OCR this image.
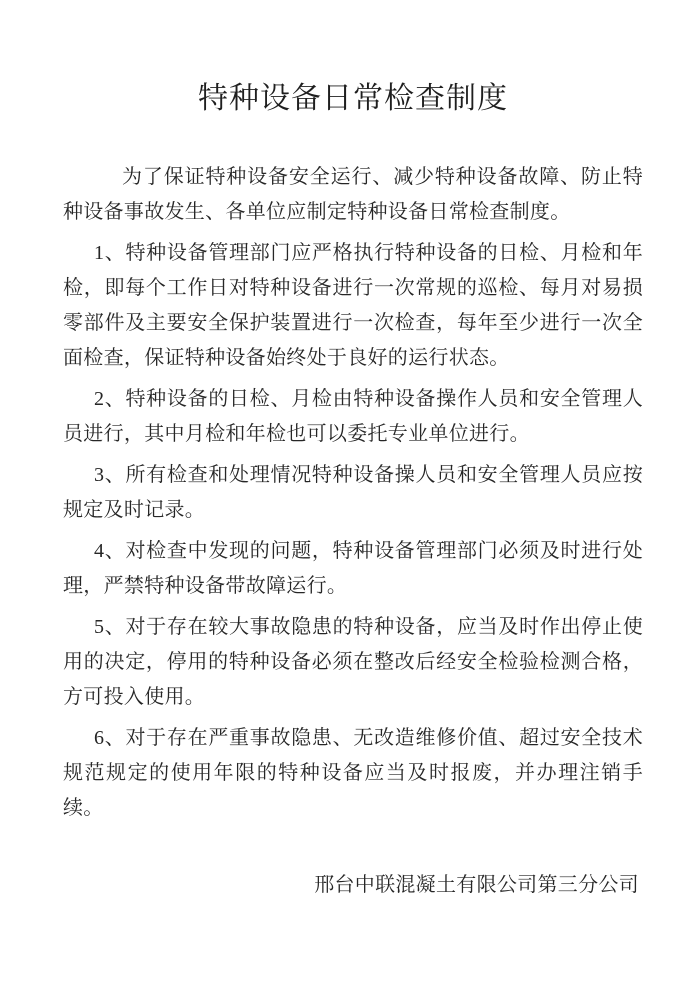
特种设备日常检查制度

为了保证特种设备安全运行、减少特种设备故障、防止特种设备事故发生、各单位应制定特种设备日常检查制度。

1、特种设备管理部门应严格执行特种设备的日检、月检和年检，即每个工作日对特种设备进行一次常规的巡检、每月对易损零部件及主要安全保护装置进行一次检查，每年至少进行一次全面检查，保证特种设备始终处于良好的运行状态。

2、特种设备的日检、月检由特种设备操作人员和安全管理人员进行，其中月检和年检也可以委托专业单位进行。

3、所有检查和处理情况特种设备操人员和安全管理人员应按规定及时记录。

4、对检查中发现的问题，特种设备管理部门必须及时进行处理，严禁特种设备带故障运行。

5、对于存在较大事故隐患的特种设备，应当及时作出停止使用的决定，停用的特种设备必须在整改后经安全检验检测合格，方可投入使用。

6、对于存在严重事故隐患、无改造维修价值、超过安全技术规范规定的使用年限的特种设备应当及时报废，并办理注销手续。

邢台中联混凝土有限公司第三分公司
